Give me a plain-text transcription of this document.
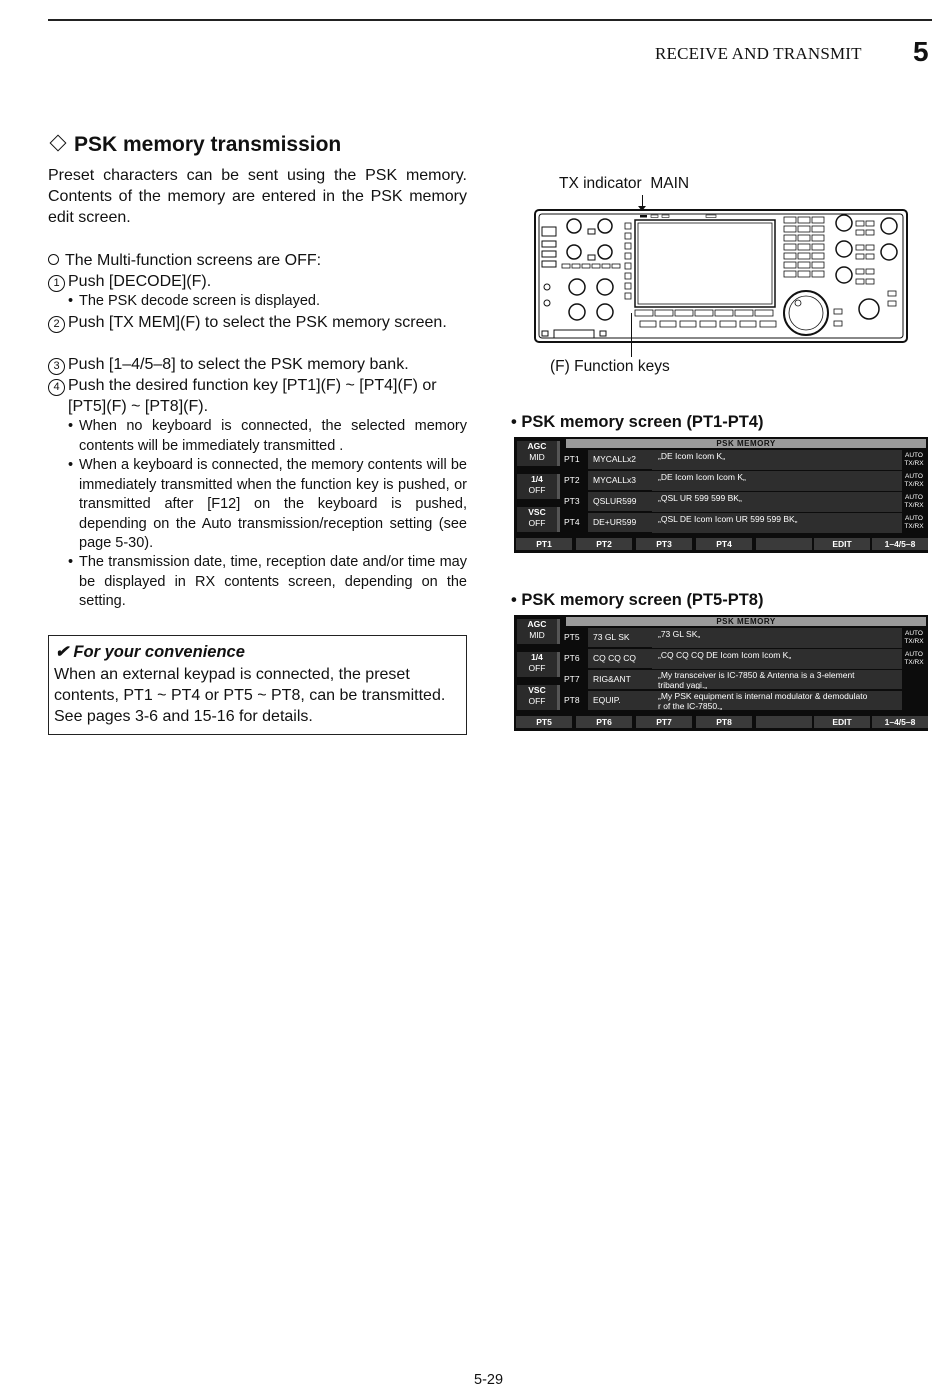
RECEIVE AND TRANSMIT 5
PSK memory transmission
Preset characters can be sent using the PSK memory. Contents of the memory are entered in the PSK memory edit screen.
The Multi-function screens are OFF:
1 Push [DECODE](F).
• The PSK decode screen is displayed.
2 Push [TX MEM](F) to select the PSK memory screen.
3 Push [1–4/5–8] to select the PSK memory bank.
4 Push the desired function key [PT1](F) ~ [PT4](F) or [PT5](F) ~ [PT8](F).
• When no keyboard is connected, the selected memory contents will be immediately transmitted .
• When a keyboard is connected, the memory contents will be immediately transmitted when the function key is pushed, or transmitted after [F12] on the keyboard is pushed, depending on the Auto transmission/reception setting (see page 5-30).
• The transmission date, time, reception date and/or time may be displayed in RX contents screen, depending on the setting.
✔ For your convenience
When an external keypad is connected, the preset contents, PT1 ~ PT4 or PT5 ~ PT8, can be transmitted. See pages 3-6 and 15-16 for details.
TX indicator MAIN
(F) Function keys
• PSK memory screen (PT1-PT4)
AGC
MID
1/4
OFF
VSC
OFF
PSK MEMORY
PT1	MYCALLx2	„DE Icom Icom K„	AUTO
TX/RX
PT2	MYCALLx3	„DE Icom Icom Icom K„	AUTO
TX/RX
PT3	QSLUR599	„QSL UR 599 599 BK„	AUTO
TX/RX
PT4	DE+UR599	„QSL DE Icom Icom UR 599 599 BK„	AUTO
TX/RX
PT1	PT2	PT3	PT4	EDIT	1–4/5–8
• PSK memory screen (PT5-PT8)
AGC
MID
1/4
OFF
VSC
OFF
PSK MEMORY
PT5	73 GL SK	„73 GL SK„	AUTO
TX/RX
PT6	CQ CQ CQ	„CQ CQ CQ DE Icom Icom Icom K„	AUTO
TX/RX
PT7	RIG&ANT	„My transceiver is IC-7850 & Antenna is a 3-element
triband yagi.„
PT8	EQUIP.	„My PSK equipment is internal modulator & demodulato
r of the IC-7850.„
PT5	PT6	PT7	PT8	EDIT	1–4/5–8
5-29
